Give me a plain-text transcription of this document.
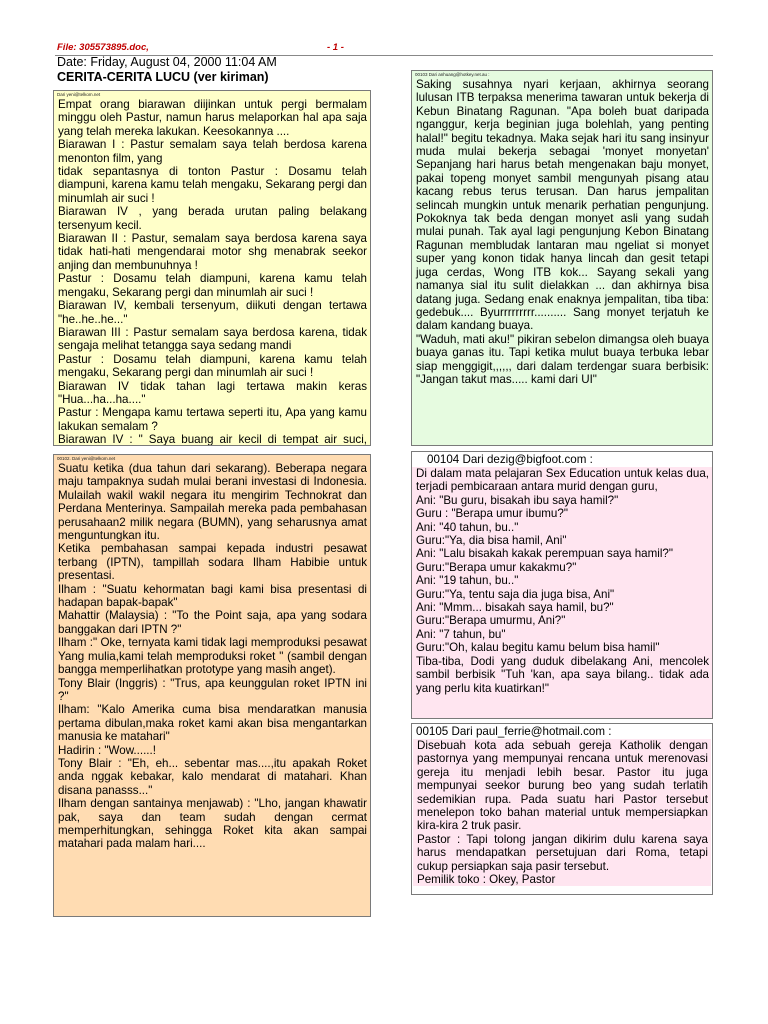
File: 305573895.doc,	- 1 -
Date: Friday, August 04, 2000 11:04 AM
CERITA-CERITA LUCU (ver kiriman)
Dari yeni@telkom.net

Empat orang biarawan diijinkan untuk pergi bermalam minggu oleh Pastur, namun harus melaporkan hal apa saja yang telah mereka lakukan. Keesokannya ....

Biarawan I : Pastur semalam saya telah berdosa karena menonton film, yang

tidak sepantasnya di tonton Pastur : Dosamu telah diampuni, karena kamu telah mengaku, Sekarang pergi dan minumlah air suci !

Biarawan IV , yang berada urutan paling belakang tersenyum kecil.

Biarawan II : Pastur, semalam saya berdosa karena saya tidak hati-hati mengendarai motor shg menabrak seekor anjing dan membunuhnya !

Pastur : Dosamu telah diampuni, karena kamu telah mengaku, Sekarang pergi dan minumlah air suci !

Biarawan IV, kembali tersenyum, diikuti dengan tertawa "he..he..he..."

Biarawan III : Pastur semalam saya berdosa karena, tidak sengaja melihat tetangga saya sedang mandi

Pastur : Dosamu telah diampuni, karena kamu telah mengaku, Sekarang pergi dan minumlah air suci !

Biarawan IV tidak tahan lagi tertawa makin keras "Hua...ha...ha...."

Pastur : Mengapa kamu tertawa seperti itu, Apa yang kamu lakukan semalam ?

Biarawan IV : " Saya buang air kecil di tempat air suci,

00102. Dari yeni@telkom.net

Suatu ketika (dua tahun dari sekarang). Beberapa negara maju tampaknya sudah mulai berani investasi di Indonesia. Mulailah wakil wakil negara itu mengirim Technokrat dan Perdana Menterinya. Sampailah mereka pada pembahasan perusahaan2 milik negara (BUMN), yang seharusnya amat menguntungkan itu.

Ketika pembahasan sampai kepada industri pesawat terbang (IPTN), tampillah sodara Ilham Habibie untuk presentasi.

Ilham : "Suatu kehormatan bagi kami bisa presentasi di hadapan bapak-bapak"

Mahattir (Malaysia) : "To the Point saja, apa yang sodara banggakan dari IPTN ?"

Ilham :" Oke, ternyata kami tidak lagi memproduksi pesawat Yang mulia,kami telah memproduksi roket " (sambil dengan bangga memperlihatkan prototype yang masih anget).

Tony Blair (Inggris) : "Trus, apa keunggulan roket IPTN ini ?"

Ilham: "Kalo Amerika cuma bisa mendaratkan manusia pertama dibulan,maka roket kami akan bisa mengantarkan manusia ke matahari"

Hadirin : "Wow......!

Tony Blair : "Eh, eh... sebentar mas....,itu apakah Roket anda nggak kebakar, kalo mendarat di matahari. Khan disana panasss..."

Ilham dengan santainya menjawab) : "Lho, jangan khawatir pak, saya dan team sudah dengan cermat memperhitungkan, sehingga Roket kita akan sampai matahari pada malam hari....

00103 Dari anhuang@hotkey.net.au :

Saking susahnya nyari kerjaan, akhirnya seorang lulusan ITB terpaksa menerima tawaran untuk bekerja di Kebun Binatang Ragunan. "Apa boleh buat daripada nganggur, kerja beginian juga bolehlah, yang penting halal!" begitu tekadnya. Maka sejak hari itu sang insinyur muda mulai bekerja sebagai 'monyet monyetan' Sepanjang hari harus betah mengenakan baju monyet, pakai topeng monyet sambil mengunyah pisang atau kacang rebus terus terusan. Dan harus jempalitan selincah mungkin untuk menarik perhatian pengunjung. Pokoknya tak beda dengan monyet asli yang sudah mulai punah. Tak ayal lagi pengunjung Kebon Binatang Ragunan membludak lantaran mau ngeliat si monyet super yang konon tidak hanya lincah dan gesit tetapi juga cerdas, Wong ITB kok... Sayang sekali yang namanya sial itu sulit dielakkan ... dan akhirnya bisa datang juga. Sedang enak enaknya jempalitan, tiba tiba: gedebuk.... Byurrrrrrrrr.......... Sang monyet terjatuh ke dalam kandang buaya.

"Waduh, mati aku!" pikiran sebelon dimangsa oleh buaya buaya ganas itu. Tapi ketika mulut buaya terbuka lebar siap menggigit,,,,,, dari dalam terdengar suara berbisik: "Jangan takut mas..... kami dari UI"

00104 Dari dezig@bigfoot.com :

Di dalam mata pelajaran Sex Education untuk kelas dua, terjadi pembicaraan antara murid dengan guru,

Ani: "Bu guru, bisakah ibu saya hamil?"

Guru : "Berapa umur ibumu?"

Ani: "40 tahun, bu.."

Guru:"Ya, dia bisa hamil, Ani"

Ani: "Lalu bisakah kakak perempuan saya hamil?"

Guru:"Berapa umur kakakmu?"

Ani: "19 tahun, bu.."

Guru:"Ya, tentu saja dia juga bisa, Ani"

Ani: "Mmm... bisakah saya hamil, bu?"

Guru:"Berapa umurmu, Ani?"

Ani: "7 tahun, bu"

Guru:"Oh, kalau begitu kamu belum bisa hamil"

Tiba-tiba, Dodi yang duduk dibelakang Ani, mencolek sambil berbisik "Tuh 'kan, apa saya bilang.. tidak ada yang perlu kita kuatirkan!"

00105 Dari paul_ferrie@hotmail.com :

Disebuah kota ada sebuah gereja Katholik dengan pastornya yang mempunyai rencana untuk merenovasi gereja itu menjadi lebih besar. Pastor itu juga mempunyai seekor burung beo yang sudah terlatih sedemikian rupa. Pada suatu hari Pastor tersebut menelepon toko bahan material untuk mempersiapkan kira-kira 2 truk pasir.

Pastor : Tapi tolong jangan dikirim dulu karena saya harus mendapatkan persetujuan dari Roma, tetapi cukup persiapkan saja pasir tersebut.

Pemilik toko : Okey, Pastor
